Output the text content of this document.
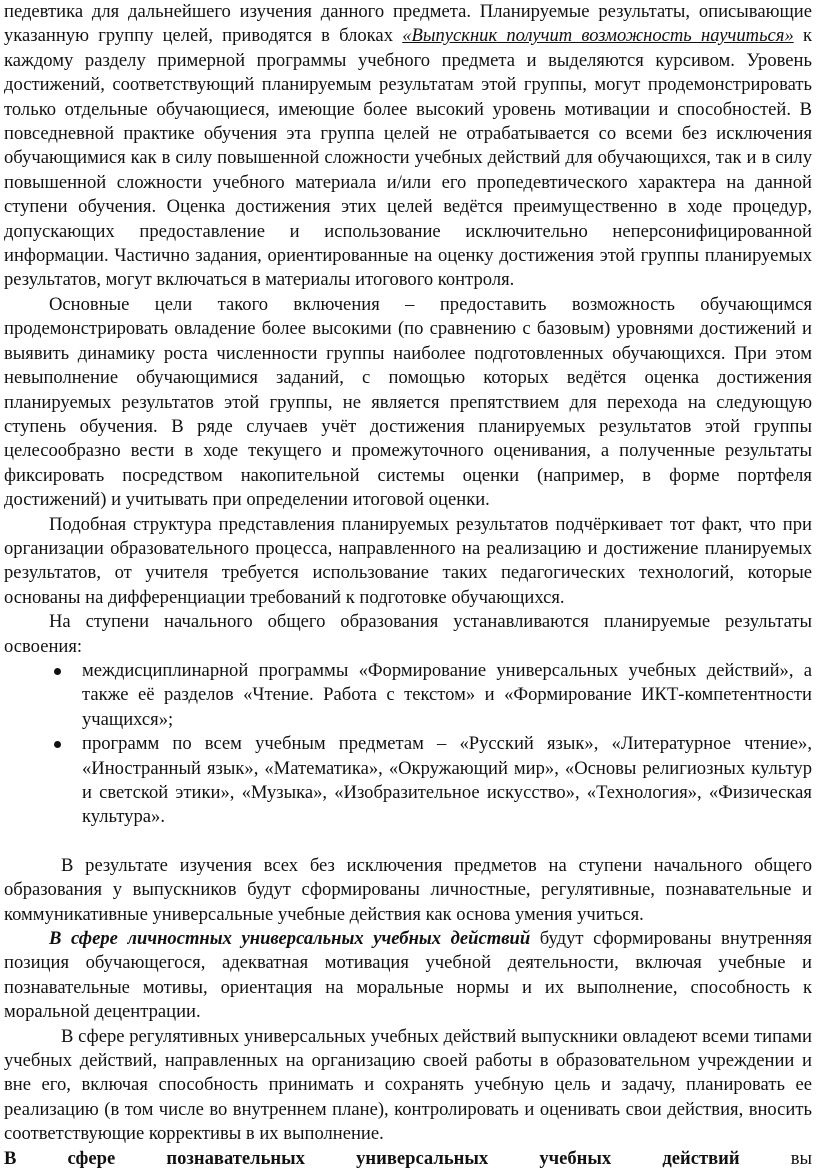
педевтика для дальнейшего изучения данного предмета. Планируемые результаты, описывающие указанную группу целей, приводятся в блоках «Выпускник получит возможность научиться» к каждому разделу примерной программы учебного предмета и выделяются курсивом. Уровень достижений, соответствующий планируемым результатам этой группы, могут продемонстрировать только отдельные обучающиеся, имеющие более высокий уровень мотивации и способностей. В повседневной практике обучения эта группа целей не отрабатывается со всеми без исключения обучающимися как в силу повышенной сложности учебных действий для обучающихся, так и в силу повышенной сложности учебного материала и/или его пропедевтического характера на данной ступени обучения. Оценка достижения этих целей ведётся преимущественно в ходе процедур, допускающих предоставление и использование исключительно неперсонифицированной информации. Частично задания, ориентированные на оценку достижения этой группы планируемых результатов, могут включаться в материалы итогового контроля.

Основные цели такого включения – предоставить возможность обучающимся продемонстрировать овладение более высокими (по сравнению с базовым) уровнями достижений и выявить динамику роста численности группы наиболее подготовленных обучающихся. При этом невыполнение обучающимися заданий, с помощью которых ведётся оценка достижения планируемых результатов этой группы, не является препятствием для перехода на следующую ступень обучения. В ряде случаев учёт достижения планируемых результатов этой группы целесообразно вести в ходе текущего и промежуточного оценивания, а полученные результаты фиксировать посредством накопительной системы оценки (например, в форме портфеля достижений) и учитывать при определении итоговой оценки.

Подобная структура представления планируемых результатов подчёркивает тот факт, что при организации образовательного процесса, направленного на реализацию и достижение планируемых результатов, от учителя требуется использование таких педагогических технологий, которые основаны на дифференциации требований к подготовке обучающихся.

На ступени начального общего образования устанавливаются планируемые результаты освоения:

междисциплинарной программы «Формирование универсальных учебных действий», а также её разделов «Чтение. Работа с текстом» и «Формирование ИКТ-компетентности учащихся»;
программ по всем учебным предметам – «Русский язык», «Литературное чтение», «Иностранный язык», «Математика», «Окружающий мир», «Основы религиозных культур и светской этики», «Музыка», «Изобразительное искусство», «Технология», «Физическая культура».

В результате изучения всех без исключения предметов на ступени начального общего образования у выпускников будут сформированы личностные, регулятивные, познавательные и коммуникативные универсальные учебные действия как основа умения учиться.

В сфере личностных универсальных учебных действий будут сформированы внутренняя позиция обучающегося, адекватная мотивация учебной деятельности, включая учебные и познавательные мотивы, ориентация на моральные нормы и их выполнение, способность к моральной децентрации.

В сфере регулятивных универсальных учебных действий выпускники овладеют всеми типами учебных действий, направленных на организацию своей работы в образовательном учреждении и вне его, включая способность принимать и сохранять учебную цель и задачу, планировать ее реализацию (в том числе во внутреннем плане), контролировать и оценивать свои действия, вносить соответствующие коррективы в их выполнение.

В сфере познавательных универсальных учебных действий вы
